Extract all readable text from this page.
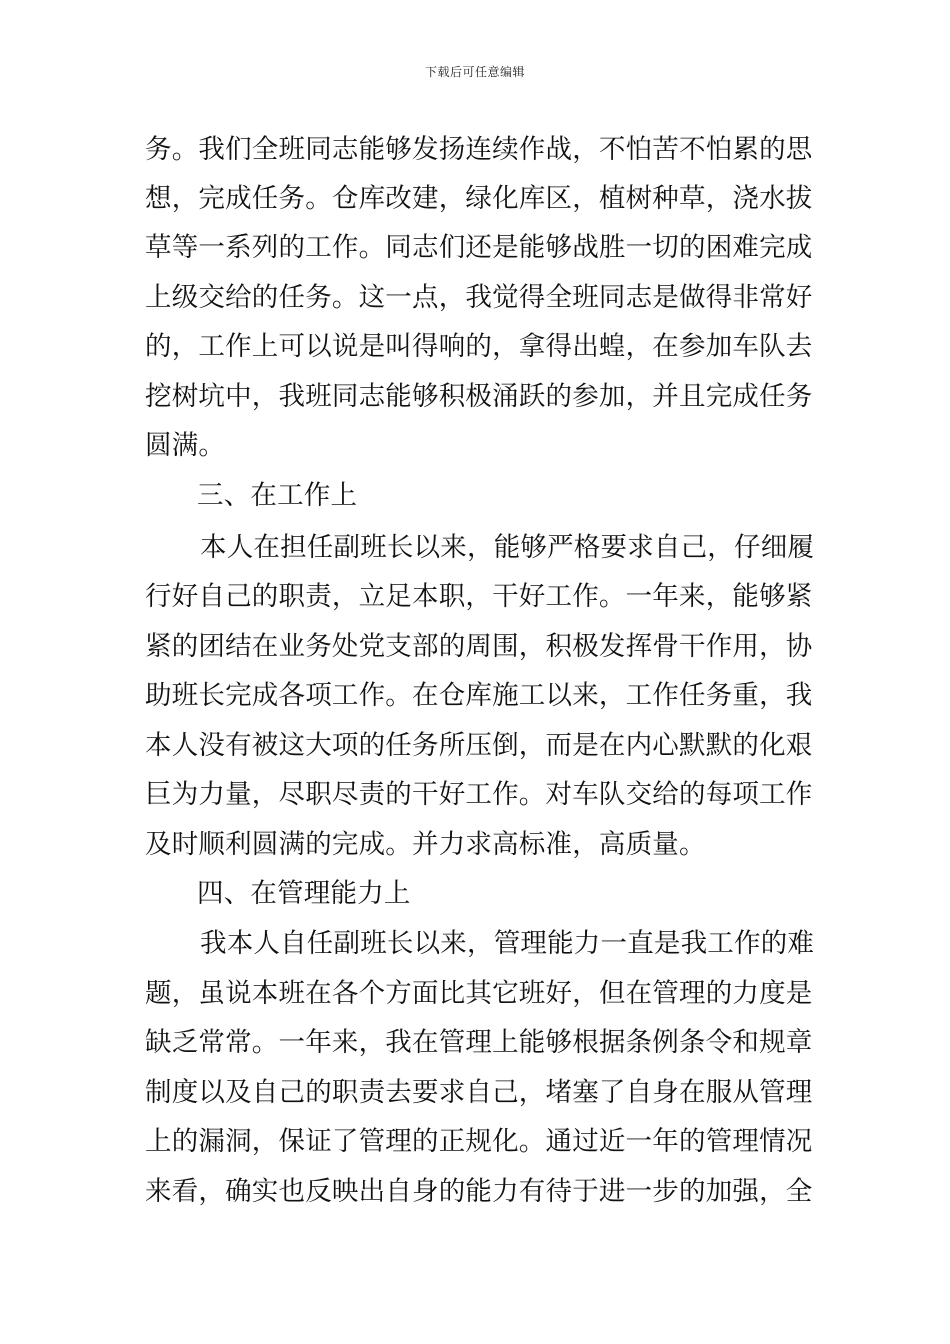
下载后可任意编辑
务。我们全班同志能够发扬连续作战，不怕苦不怕累的思
想，完成任务。仓库改建，绿化库区，植树种草，浇水拔
草等一系列的工作。同志们还是能够战胜一切的困难完成
上级交给的任务。这一点，我觉得全班同志是做得非常好
的，工作上可以说是叫得响的，拿得出蝗，在参加车队去
挖树坑中，我班同志能够积极涌跃的参加，并且完成任务
圆满。
三、在工作上
本人在担任副班长以来，能够严格要求自己，仔细履
行好自己的职责，立足本职，干好工作。一年来，能够紧
紧的团结在业务处党支部的周围，积极发挥骨干作用，协
助班长完成各项工作。在仓库施工以来，工作任务重，我
本人没有被这大项的任务所压倒，而是在内心默默的化艰
巨为力量，尽职尽责的干好工作。对车队交给的每项工作
及时顺利圆满的完成。并力求高标准，高质量。
四、在管理能力上
我本人自任副班长以来，管理能力一直是我工作的难
题，虽说本班在各个方面比其它班好，但在管理的力度是
缺乏常常。一年来，我在管理上能够根据条例条令和规章
制度以及自己的职责去要求自己，堵塞了自身在服从管理
上的漏洞，保证了管理的正规化。通过近一年的管理情况
来看，确实也反映出自身的能力有待于进一步的加强，全
